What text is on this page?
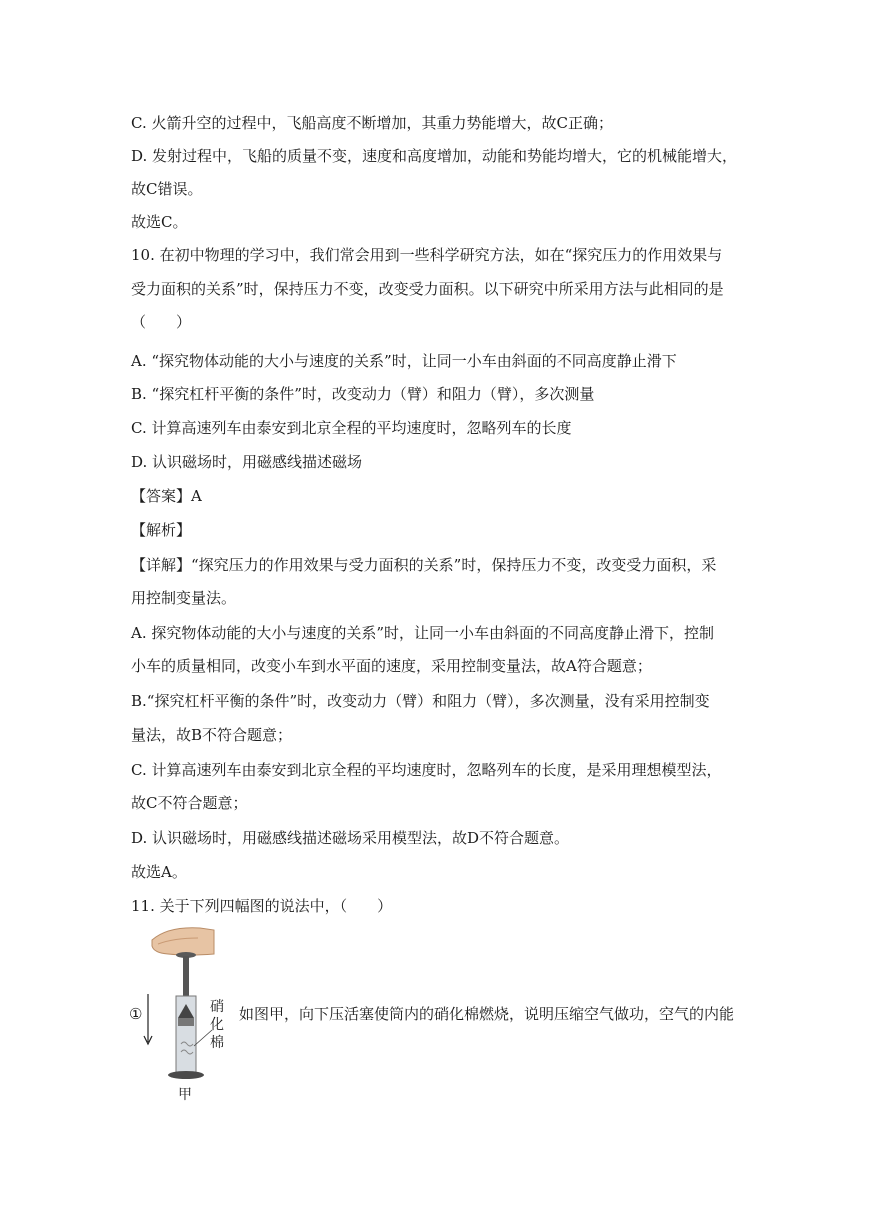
C. 火箭升空的过程中，飞船高度不断增加，其重力势能增大，故C正确；
D. 发射过程中，飞船的质量不变，速度和高度增加，动能和势能均增大，它的机械能增大，
故C错误。
故选C。
10. 在初中物理的学习中，我们常会用到一些科学研究方法，如在“探究压力的作用效果与
受力面积的关系”时，保持压力不变，改变受力面积。以下研究中所采用方法与此相同的是
（　　）
A. “探究物体动能的大小与速度的关系”时，让同一小车由斜面的不同高度静止滑下
B. “探究杠杆平衡的条件”时，改变动力（臂）和阻力（臂），多次测量
C. 计算高速列车由泰安到北京全程的平均速度时，忽略列车的长度
D. 认识磁场时，用磁感线描述磁场
【答案】A
【解析】
【详解】“探究压力的作用效果与受力面积的关系”时，保持压力不变，改变受力面积，采
用控制变量法。
A. 探究物体动能的大小与速度的关系”时，让同一小车由斜面的不同高度静止滑下，控制
小车的质量相同，改变小车到水平面的速度，采用控制变量法，故A符合题意；
B.“探究杠杆平衡的条件”时，改变动力（臂）和阻力（臂），多次测量，没有采用控制变
量法，故B不符合题意；
C. 计算高速列车由泰安到北京全程的平均速度时，忽略列车的长度，是采用理想模型法，
故C不符合题意；
D. 认识磁场时，用磁感线描述磁场采用模型法，故D不符合题意。
故选A。
11. 关于下列四幅图的说法中，（　　）
①	硝
化
棉
甲
如图甲，向下压活塞使筒内的硝化棉燃烧，说明压缩空气做功，空气的内能
